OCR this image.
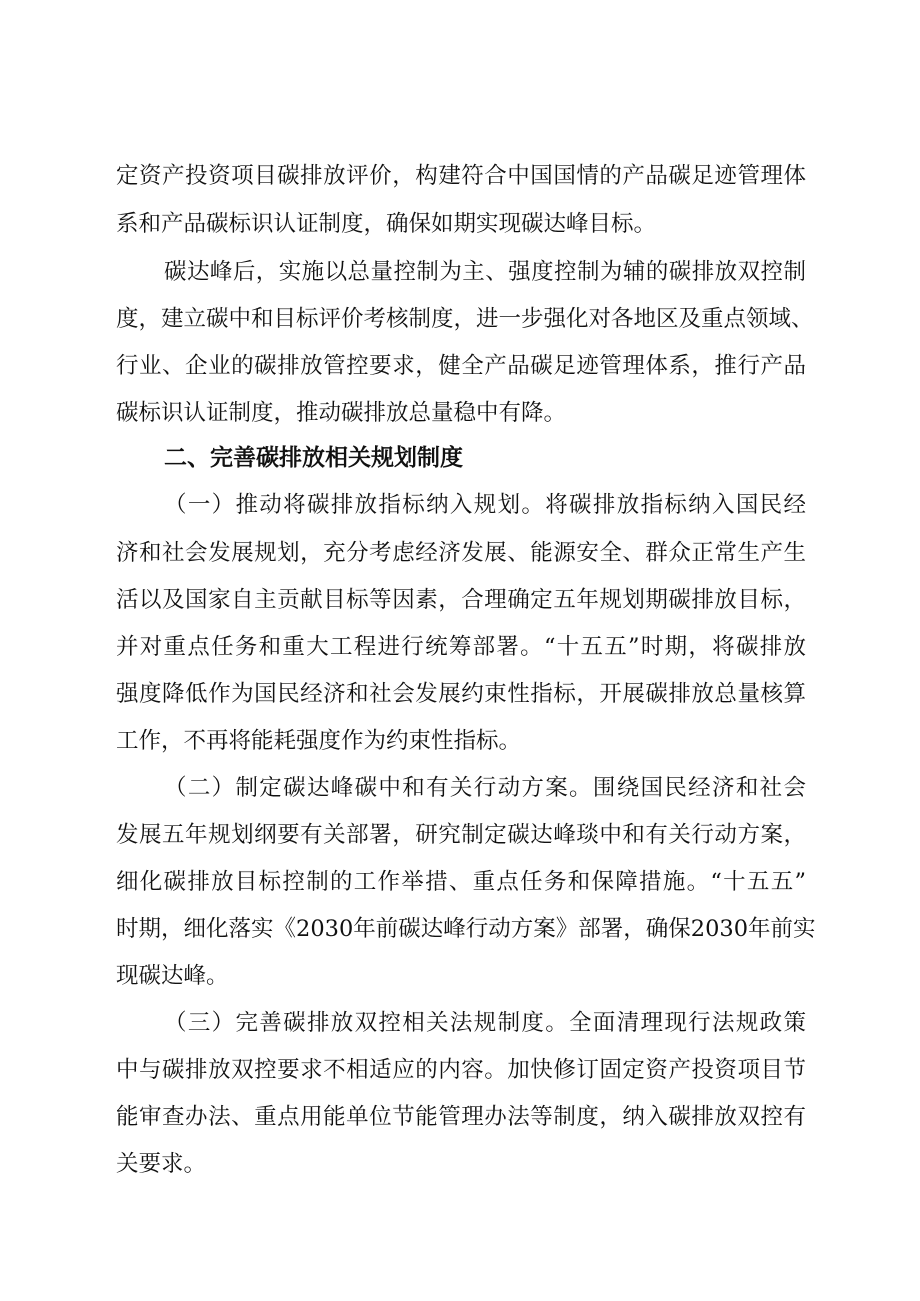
定资产投资项目碳排放评价，构建符合中国国情的产品碳足迹管理体
系和产品碳标识认证制度，确保如期实现碳达峰目标。
碳达峰后，实施以总量控制为主、强度控制为辅的碳排放双控制
度，建立碳中和目标评价考核制度，进一步强化对各地区及重点领域、
行业、企业的碳排放管控要求，健全产品碳足迹管理体系，推行产品
碳标识认证制度，推动碳排放总量稳中有降。
二、完善碳排放相关规划制度
（一）推动将碳排放指标纳入规划。将碳排放指标纳入国民经
济和社会发展规划，充分考虑经济发展、能源安全、群众正常生产生
活以及国家自主贡献目标等因素，合理确定五年规划期碳排放目标，
并对重点任务和重大工程进行统筹部署。“十五五”时期，将碳排放
强度降低作为国民经济和社会发展约束性指标，开展碳排放总量核算
工作，不再将能耗强度作为约束性指标。
（二）制定碳达峰碳中和有关行动方案。围绕国民经济和社会
发展五年规划纲要有关部署，研究制定碳达峰琰中和有关行动方案，
细化碳排放目标控制的工作举措、重点任务和保障措施。“十五五”
时期，细化落实《2030年前碳达峰行动方案》部署，确保2030年前实
现碳达峰。
（三）完善碳排放双控相关法规制度。全面清理现行法规政策
中与碳排放双控要求不相适应的内容。加快修订固定资产投资项目节
能审查办法、重点用能单位节能管理办法等制度，纳入碳排放双控有
关要求。
